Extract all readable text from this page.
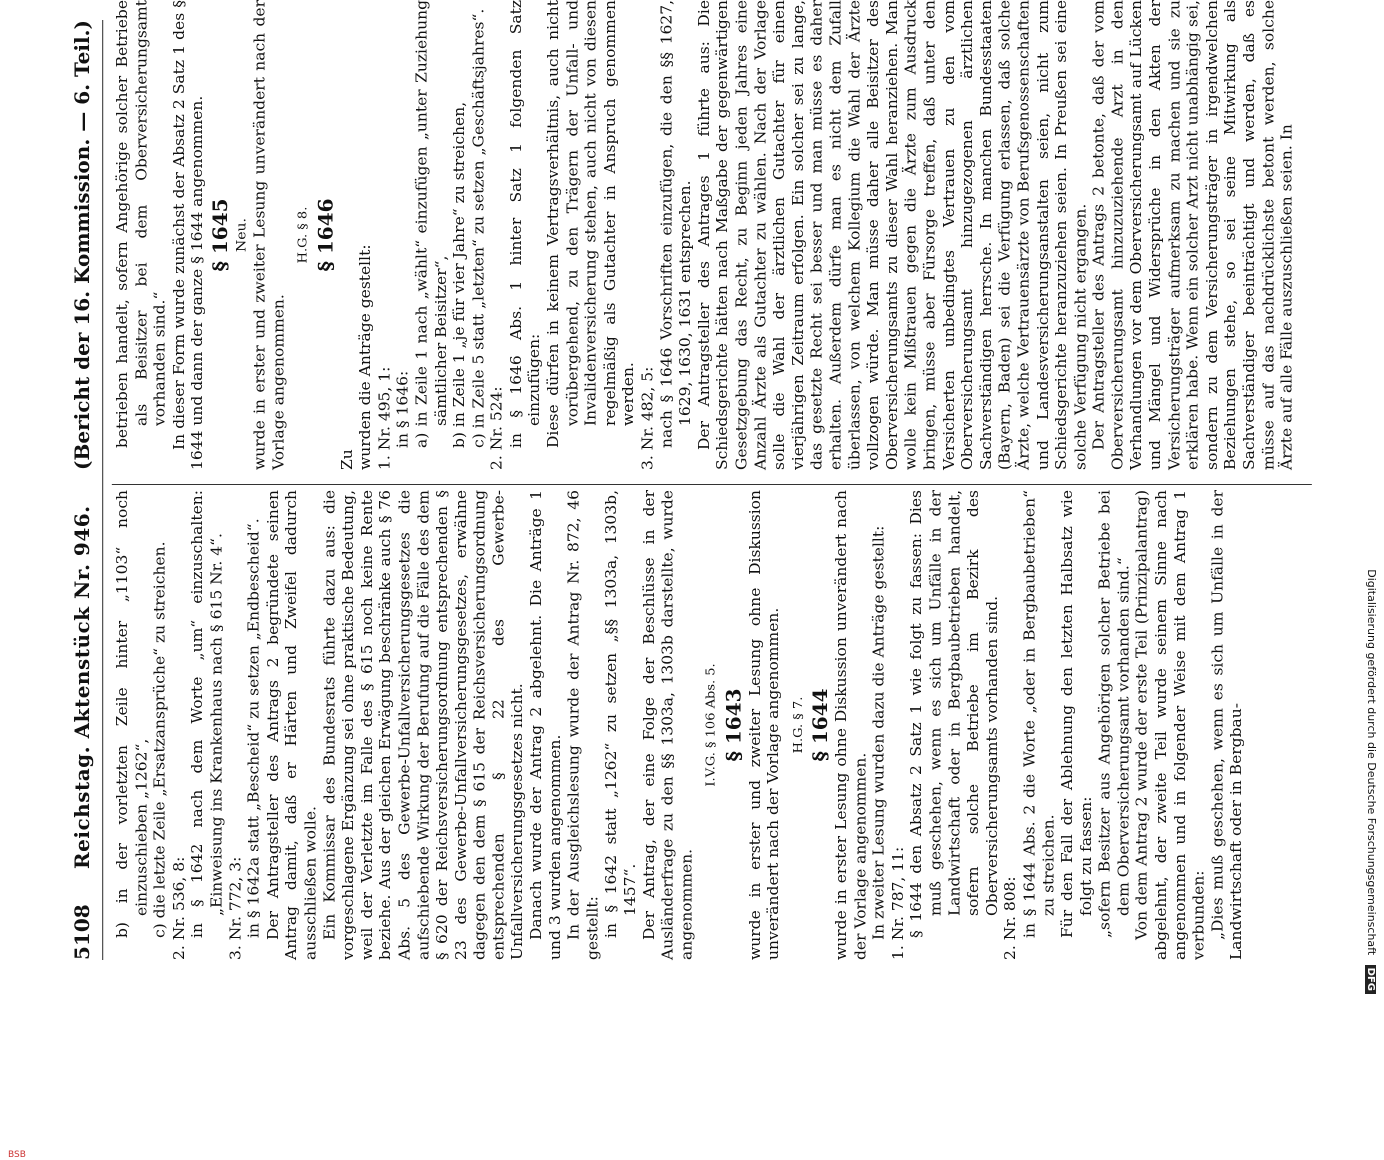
5108
Reichstag. Aktenstück Nr. 946.
(Bericht der 16. Kommission. — 6. Teil.)

b) in der vorletzten Zeile hinter „1103“ noch einzuschieben „1262“, c) die letzte Zeile „Ersatzansprüche“ zu streichen. 2. Nr. 536, 8: in § 1642 nach dem Worte „um“ einzuschalten: „Einweisung ins Krankenhaus nach § 615 Nr. 4“. 3. Nr. 772, 3: in § 1642a statt „Bescheid“ zu setzen „Endbescheid“. Der Antragsteller des Antrags 2 begründete seinen Antrag damit, daß er Härten und Zweifel dadurch ausschließen wolle. Ein Kommissar des Bundesrats führte dazu aus: die vorgeschlagene Ergänzung sei ohne praktische Bedeutung, weil der Verletzte im Falle des § 615 noch keine Rente beziehe. Aus der gleichen Erwägung beschränke auch § 76 Abs. 5 des Gewerbe-Unfallversicherungsgesetzes die aufschiebende Wirkung der Berufung auf die Fälle des dem § 620 der Reichsversicherungsordnung entsprechenden § 23 des Gewerbe-Unfallversicherungsgesetzes, erwähne dagegen den dem § 615 der Reichsversicherungsordnung entsprechenden § 22 des Gewerbe-Unfallversicherungsgesetzes nicht. Danach wurde der Antrag 2 abgelehnt. Die Anträge 1 und 3 wurden angenommen. In der Ausgleichslesung wurde der Antrag Nr. 872, 46 gestellt: in § 1642 statt „1262“ zu setzen „§§ 1303a, 1303b, 1457“. Der Antrag, der eine Folge der Beschlüsse in der Ausländerfrage zu den §§ 1303a, 1303b darstellte, wurde angenommen.

I.V.G. § 106 Abs. 5. § 1643 wurde in erster und zweiter Lesung ohne Diskussion unverändert nach der Vorlage angenommen. H.G. § 7. § 1644 wurde in erster Lesung ohne Diskussion unverändert nach der Vorlage angenommen. In zweiter Lesung wurden dazu die Anträge gestellt: 1. Nr. 787, 11: § 1644 den Absatz 2 Satz 1 wie folgt zu fassen: Dies muß geschehen, wenn es sich um Unfälle in der Landwirtschaft oder in Bergbaubetrieben handelt, sofern solche Betriebe im Bezirk des Oberversicherungsamts vorhanden sind.

2. Nr. 808: in § 1644 Abs. 2 die Worte „oder in Bergbaubetrieben“ zu streichen. Für den Fall der Ablehnung den letzten Halbsatz wie folgt zu fassen: „sofern Besitzer aus Angehörigen solcher Betriebe bei dem Oberversicherungsamt vorhanden sind.“ Von dem Antrag 2 wurde der erste Teil (Prinzipalantrag) abgelehnt, der zweite Teil wurde seinem Sinne nach angenommen und in folgender Weise mit dem Antrag 1 verbunden: „Dies muß geschehen, wenn es sich um Unfälle in der Landwirtschaft oder in Bergbau-

betrieben handelt, sofern Angehörige solcher Betriebe als Beisitzer bei dem Oberversicherungsamt vorhanden sind.“ In dieser Form wurde zunächst der Absatz 2 Satz 1 des § 1644 und dann der ganze § 1644 angenommen. § 1645 Neu. wurde in erster und zweiter Lesung unverändert nach der Vorlage angenommen.

H.G. § 8. § 1646

Zu wurden die Anträge gestellt: 1. Nr. 495, 1: in § 1646: a) in Zeile 1 nach „wählt“ einzufügen „unter Zuziehung sämtlicher Beisitzer“, b) in Zeile 1 „je für vier Jahre“ zu streichen, c) in Zeile 5 statt „letzten“ zu setzen „Geschäftsjahres“. 2. Nr. 524: in § 1646 Abs. 1 hinter Satz 1 folgenden Satz einzufügen: Diese dürfen in keinem Vertragsverhältnis, auch nicht vorübergehend, zu den Trägern der Unfall- und Invalidenversicherung stehen, auch nicht von diesen regelmäßig als Gutachter in Anspruch genommen werden. 3. Nr. 482, 5: nach § 1646 Vorschriften einzufügen, die den §§ 1627, 1629, 1630, 1631 entsprechen. Der Antragsteller des Antrages 1 führte aus: Die Schiedsgerichte hätten nach Maßgabe der gegenwärtigen Gesetzgebung das Recht, zu Beginn jeden Jahres eine Anzahl Ärzte als Gutachter zu wählen. Nach der Vorlage solle die Wahl der ärztlichen Gutachter für einen vierjährigen Zeitraum erfolgen. Ein solcher sei zu lange, das gesetzte Recht sei besser und man müsse es daher erhalten. Außerdem dürfe man es nicht dem Zufall überlassen, von welchem Kollegium die Wahl der Ärzte vollzogen würde. Man müsse daher alle Beisitzer des Oberversicherungsamts zu dieser Wahl heranziehen. Man wolle kein Mißtrauen gegen die Ärzte zum Ausdruck bringen, müsse aber Fürsorge treffen, daß unter den Versicherten unbedingtes Vertrauen zu den vom Oberversicherungsamt hinzugezogenen ärztlichen Sachverständigen herrsche. In manchen Bundesstaaten (Bayern, Baden) sei die Verfügung erlassen, daß solche Ärzte, welche Vertrauensärzte von Berufsgenossenschaften und Landesversicherungsanstalten seien, nicht zum Schiedsgerichte heranzuziehen seien. In Preußen sei eine solche Verfügung nicht ergangen. Der Antragsteller des Antrags 2 betonte, daß der vom Oberversicherungsamt hinzuzuziehende Arzt in den Verhandlungen vor dem Oberversicherungsamt auf Lücken und Mängel und Widersprüche in den Akten der Versicherungsträger aufmerksam zu machen und sie zu erklären habe. Wenn ein solcher Arzt nicht unabhängig sei, sondern zu dem Versicherungsträger in irgendwelchen Beziehungen stehe, so sei seine Mitwirkung als Sachverständiger beeinträchtigt und werden, daß es müsse auf das nachdrücklichste betont werden, solche Ärzte auf alle Fälle auszuschließen seien. In

BSB
Digitalisierung gefördert durch die Deutsche Forschungsgemeinschaft DFG
